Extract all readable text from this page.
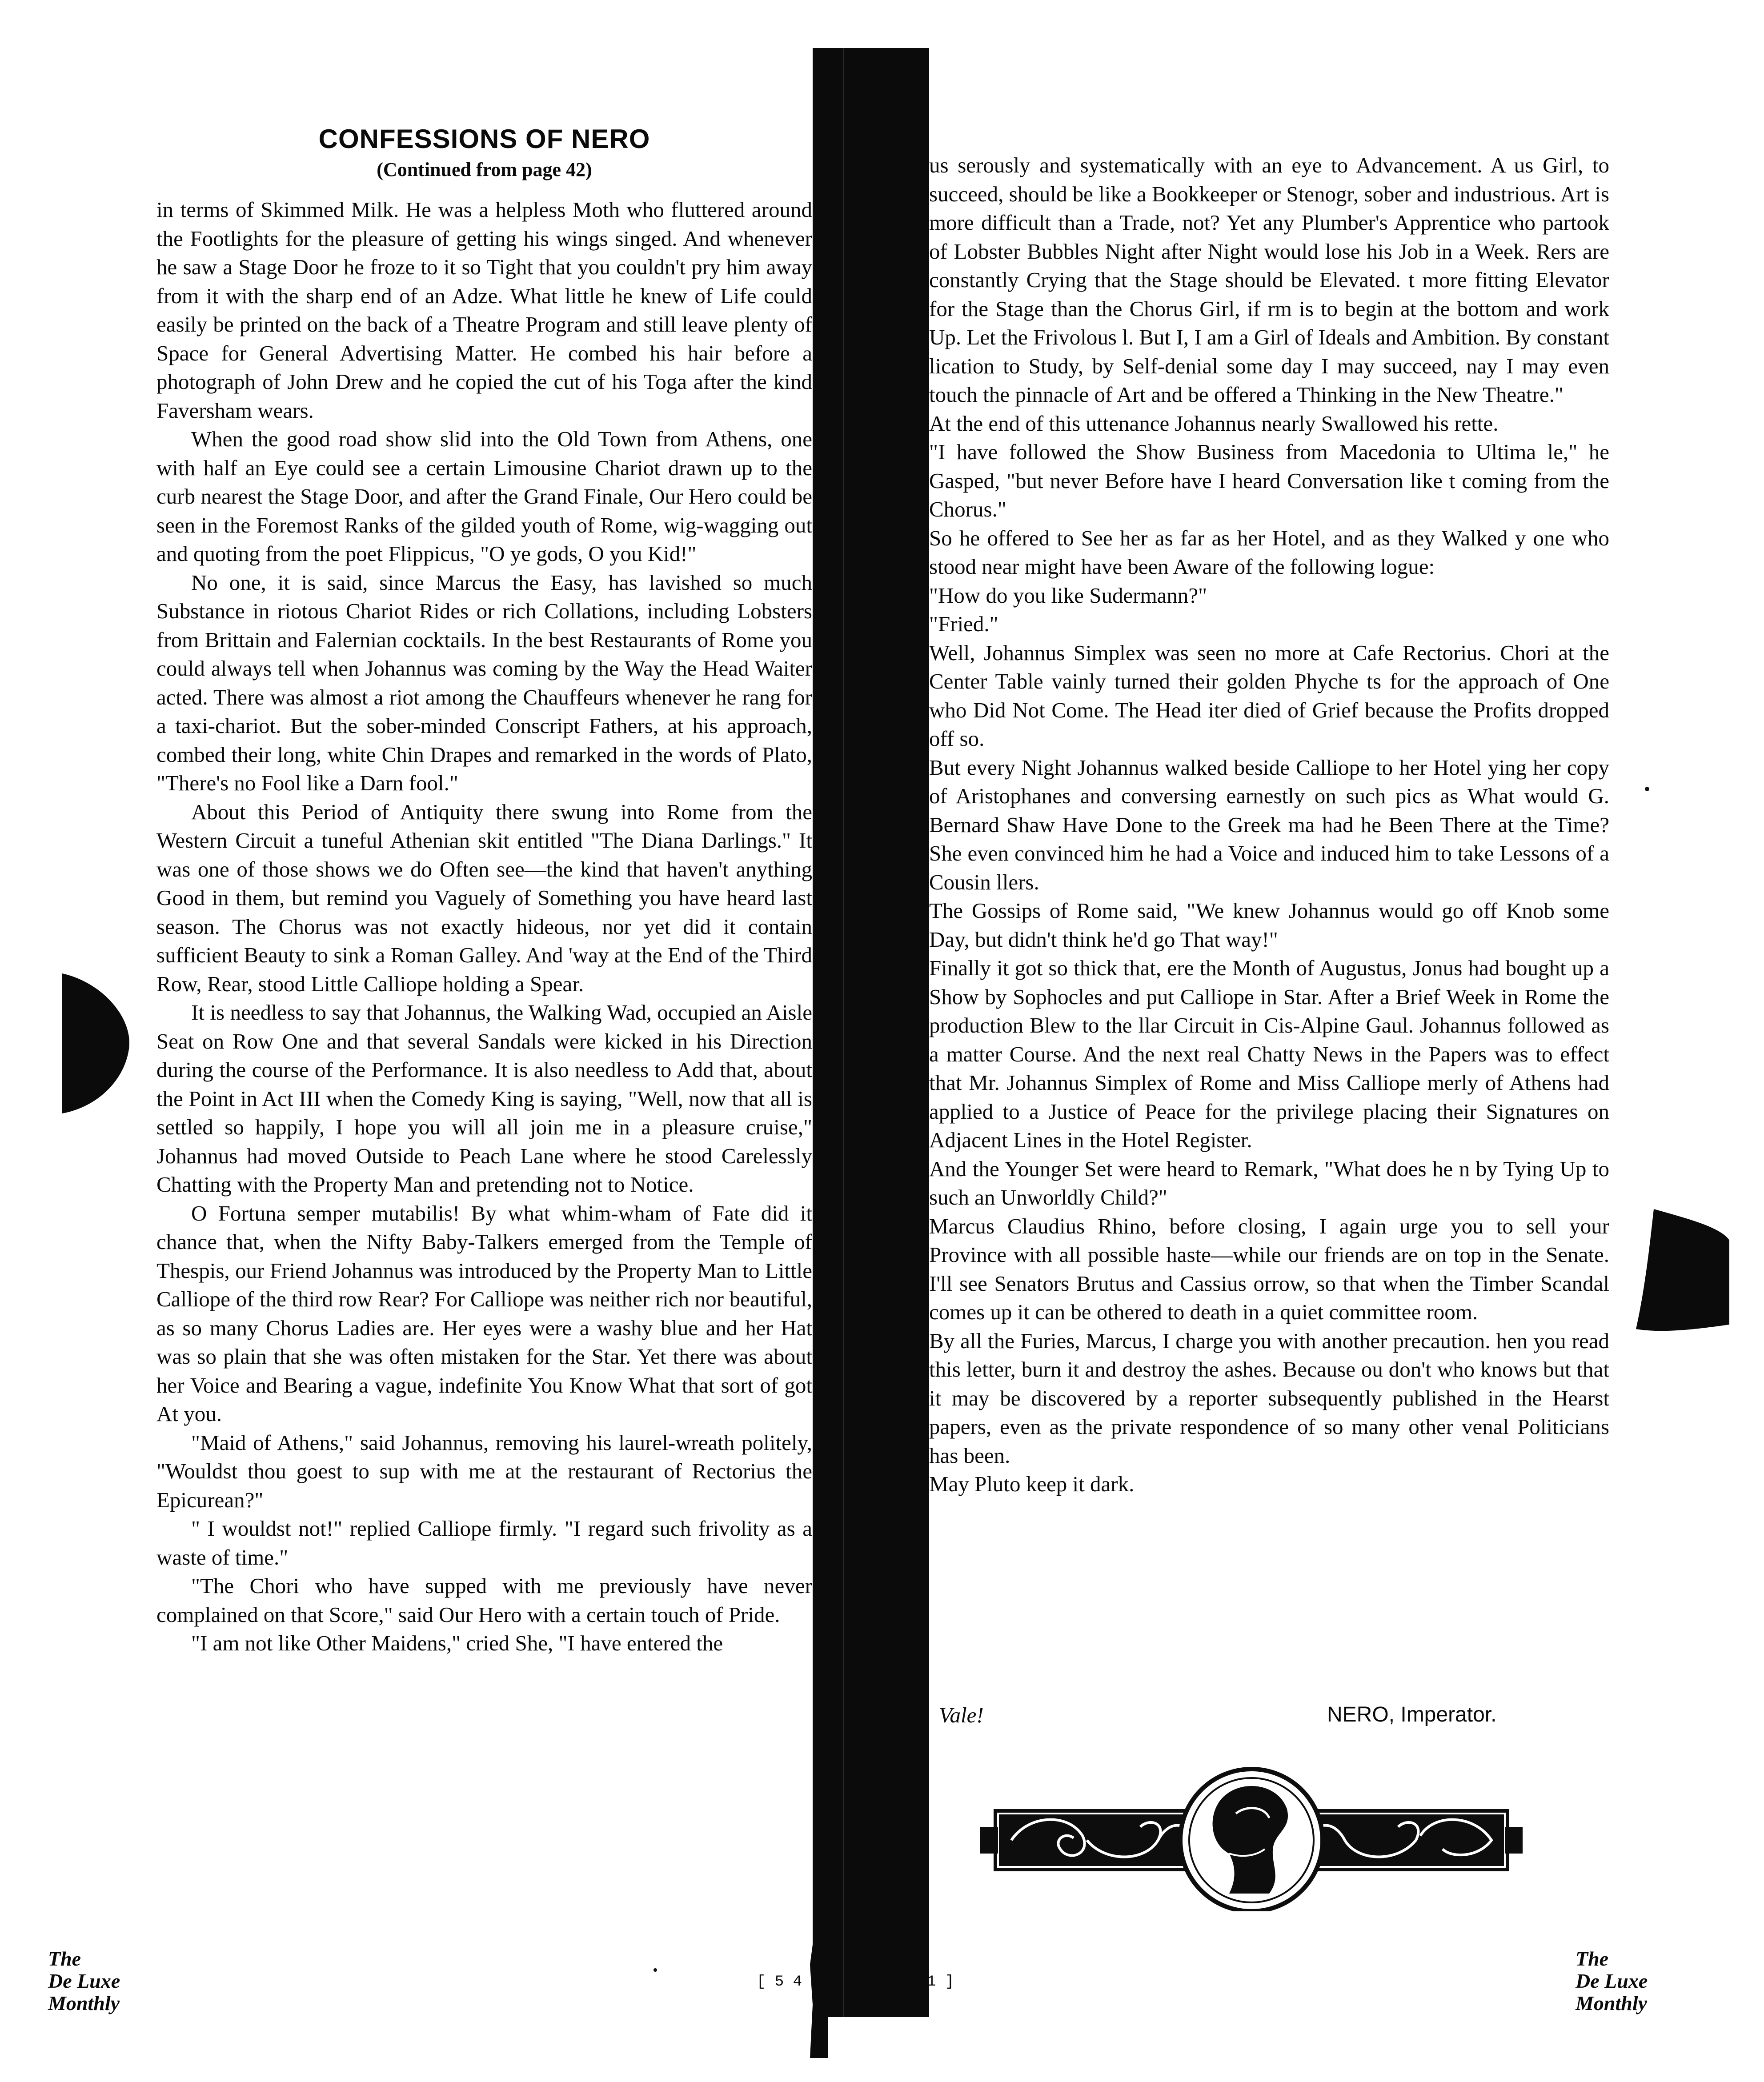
CONFESSIONS OF NERO
(Continued from page 42)

in terms of Skimmed Milk. He was a helpless Moth who fluttered around the Footlights for the pleasure of getting his wings singed. And whenever he saw a Stage Door he froze to it so Tight that you couldn't pry him away from it with the sharp end of an Adze. What little he knew of Life could easily be printed on the back of a Theatre Program and still leave plenty of Space for General Advertising Matter. He combed his hair before a photograph of John Drew and he copied the cut of his Toga after the kind Faversham wears.

When the good road show slid into the Old Town from Athens, one with half an Eye could see a certain Limousine Chariot drawn up to the curb nearest the Stage Door, and after the Grand Finale, Our Hero could be seen in the Foremost Ranks of the gilded youth of Rome, wig-wagging out and quoting from the poet Flippicus, "O ye gods, O you Kid!"

No one, it is said, since Marcus the Easy, has lavished so much Substance in riotous Chariot Rides or rich Collations, including Lobsters from Brittain and Falernian cocktails. In the best Restaurants of Rome you could always tell when Johannus was coming by the Way the Head Waiter acted. There was almost a riot among the Chauffeurs whenever he rang for a taxi-chariot. But the sober-minded Conscript Fathers, at his approach, combed their long, white Chin Drapes and remarked in the words of Plato, "There's no Fool like a Darn fool."

About this Period of Antiquity there swung into Rome from the Western Circuit a tuneful Athenian skit entitled "The Diana Darlings." It was one of those shows we do Often see—the kind that haven't anything Good in them, but remind you Vaguely of Something you have heard last season. The Chorus was not exactly hideous, nor yet did it contain sufficient Beauty to sink a Roman Galley. And 'way at the End of the Third Row, Rear, stood Little Calliope holding a Spear.

It is needless to say that Johannus, the Walking Wad, occupied an Aisle Seat on Row One and that several Sandals were kicked in his Direction during the course of the Performance. It is also needless to Add that, about the Point in Act III when the Comedy King is saying, "Well, now that all is settled so happily, I hope you will all join me in a pleasure cruise," Johannus had moved Outside to Peach Lane where he stood Carelessly Chatting with the Property Man and pretending not to Notice.

O Fortuna semper mutabilis! By what whim-wham of Fate did it chance that, when the Nifty Baby-Talkers emerged from the Temple of Thespis, our Friend Johannus was introduced by the Property Man to Little Calliope of the third row Rear? For Calliope was neither rich nor beautiful, as so many Chorus Ladies are. Her eyes were a washy blue and her Hat was so plain that she was often mistaken for the Star. Yet there was about her Voice and Bearing a vague, indefinite You Know What that sort of got At you.

"Maid of Athens," said Johannus, removing his laurel-wreath politely, "Wouldst thou goest to sup with me at the restaurant of Rectorius the Epicurean?"

" I wouldst not!" replied Calliope firmly. "I regard such frivolity as a waste of time."

"The Chori who have supped with me previously have never complained on that Score," said Our Hero with a certain touch of Pride.

"I am not like Other Maidens," cried She, "I have entered the

us serously and systematically with an eye to Advancement. A us Girl, to succeed, should be like a Bookkeeper or Stenogr, sober and industrious. Art is more difficult than a Trade, not? Yet any Plumber's Apprentice who partook of Lobster Bubbles Night after Night would lose his Job in a Week. Rers are constantly Crying that the Stage should be Elevated. t more fitting Elevator for the Stage than the Chorus Girl, if rm is to begin at the bottom and work Up. Let the Frivolous l. But I, I am a Girl of Ideals and Ambition. By constant lication to Study, by Self-denial some day I may succeed, nay I may even touch the pinnacle of Art and be offered a Thinking in the New Theatre."

At the end of this uttenance Johannus nearly Swallowed his rette.

"I have followed the Show Business from Macedonia to Ultima le," he Gasped, "but never Before have I heard Conversation like t coming from the Chorus."

So he offered to See her as far as her Hotel, and as they Walked y one who stood near might have been Aware of the following logue:

"How do you like Sudermann?"

"Fried."

Well, Johannus Simplex was seen no more at Cafe Rectorius. Chori at the Center Table vainly turned their golden Phyche ts for the approach of One who Did Not Come. The Head iter died of Grief because the Profits dropped off so.

But every Night Johannus walked beside Calliope to her Hotel ying her copy of Aristophanes and conversing earnestly on such pics as What would G. Bernard Shaw Have Done to the Greek ma had he Been There at the Time? She even convinced him he had a Voice and induced him to take Lessons of a Cousin llers.

The Gossips of Rome said, "We knew Johannus would go off Knob some Day, but didn't think he'd go That way!"

Finally it got so thick that, ere the Month of Augustus, Jonus had bought up a Show by Sophocles and put Calliope in Star. After a Brief Week in Rome the production Blew to the llar Circuit in Cis-Alpine Gaul. Johannus followed as a matter Course. And the next real Chatty News in the Papers was to effect that Mr. Johannus Simplex of Rome and Miss Calliope merly of Athens had applied to a Justice of Peace for the privilege placing their Signatures on Adjacent Lines in the Hotel Register.

And the Younger Set were heard to Remark, "What does he n by Tying Up to such an Unworldly Child?"

Marcus Claudius Rhino, before closing, I again urge you to sell your Province with all possible haste—while our friends are on top in the Senate. I'll see Senators Brutus and Cassius orrow, so that when the Timber Scandal comes up it can be othered to death in a quiet committee room.

By all the Furies, Marcus, I charge you with another precaution. hen you read this letter, burn it and destroy the ashes. Because ou don't who knows but that it may be discovered by a reporter subsequently published in the Hearst papers, even as the private respondence of so many other venal Politicians has been.

May Pluto keep it dark.

Vale!	NERO, Imperator.
The
De Luxe
Monthly
The
De Luxe
Monthly
[ 5 4 ]	1 ]
